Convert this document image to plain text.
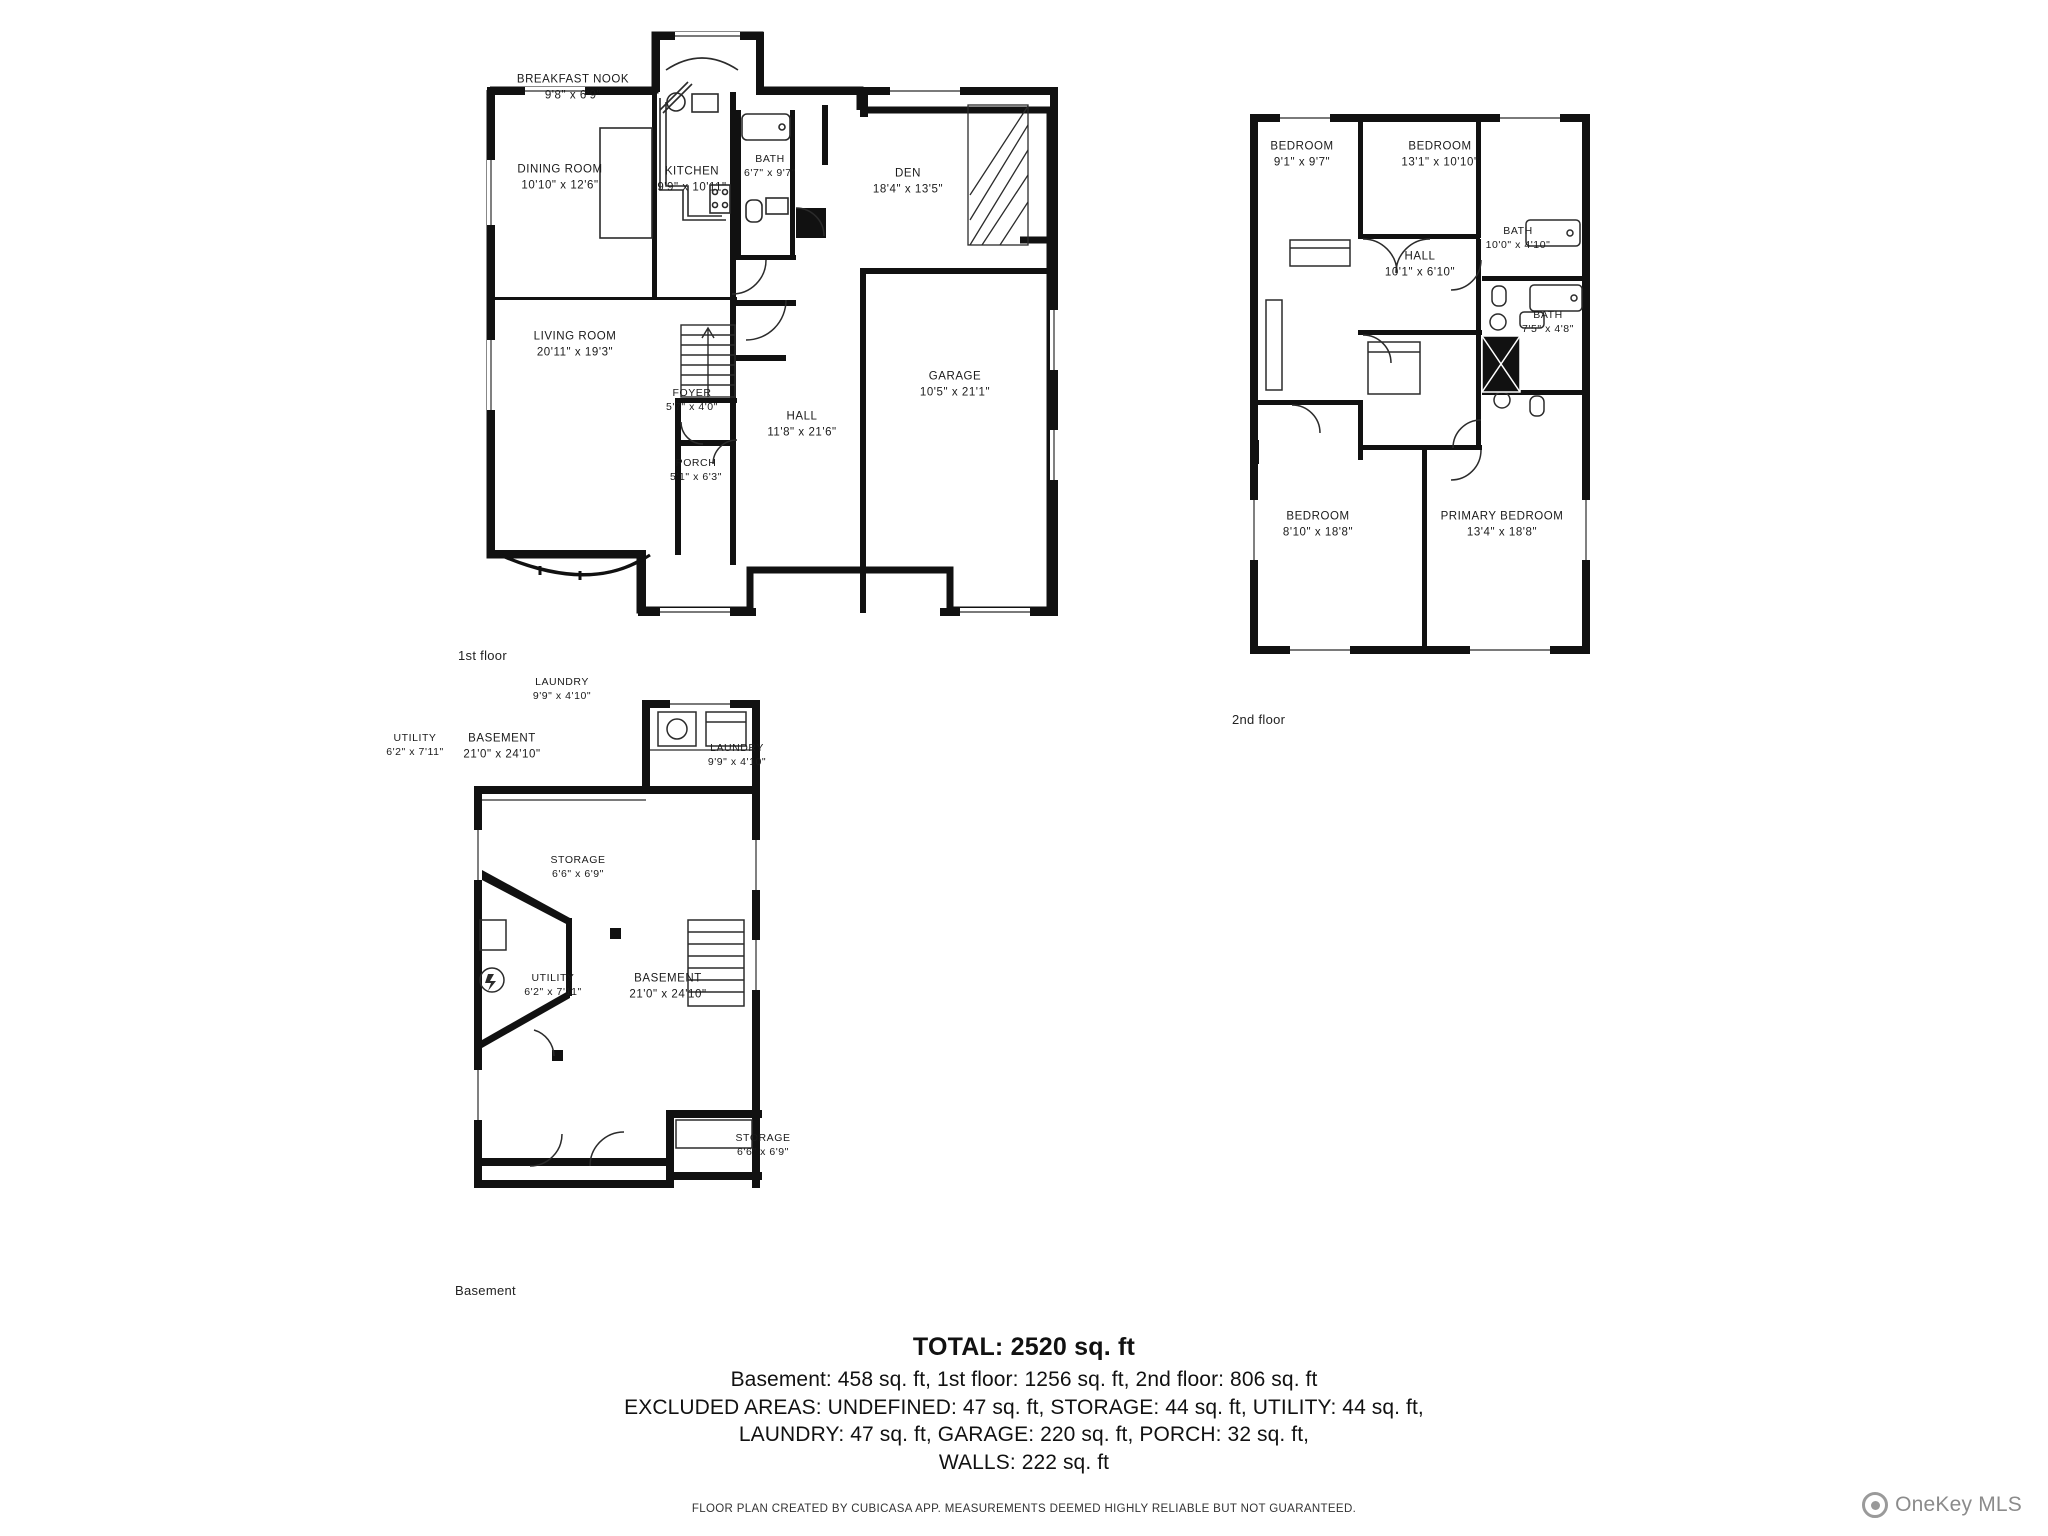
BREAKFAST NOOK
9'8" x 6'9"
DINING ROOM
10'10" x 12'6"
KITCHEN
9'9" x 10'11"
BATH
6'7" x 9'7"	DEN
18'4" x 13'5"
LIVING ROOM
20'11" x 19'3"
GARAGE
10'5" x 21'1"
FOYER
5'7" x 4'0"
HALL
11'8" x 21'6"
PORCH
5'1" x 6'3"
1st floor
BEDROOM
9'1" x 9'7"
BEDROOM
13'1" x 10'10"
BATH
10'0" x 4'10"
HALL
10'1" x 6'10"
BATH
7'5" x 4'8"
BEDROOM
8'10" x 18'8"
PRIMARY BEDROOM
13'4" x 18'8"
2nd floor
LAUNDRY
9'9" x 4'10"
UTILITY
6'2" x 7'11"
BASEMENT
21'0" x 24'10"
STORAGE
6'6" x 6'9"
LAUNDRY
9'9" x 4'10"
UTILITY
6'2" x 7'11"
BASEMENT
21'0" x 24'10"
STORAGE
6'6" x 6'9"
Basement
TOTAL: 2520 sq. ft
Basement: 458 sq. ft, 1st floor: 1256 sq. ft, 2nd floor: 806 sq. ft
EXCLUDED AREAS: UNDEFINED: 47 sq. ft, STORAGE: 44 sq. ft, UTILITY: 44 sq. ft,
LAUNDRY: 47 sq. ft, GARAGE: 220 sq. ft, PORCH: 32 sq. ft,
WALLS: 222 sq. ft
FLOOR PLAN CREATED BY CUBICASA APP. MEASUREMENTS DEEMED HIGHLY RELIABLE BUT NOT GUARANTEED.	OneKey MLS
